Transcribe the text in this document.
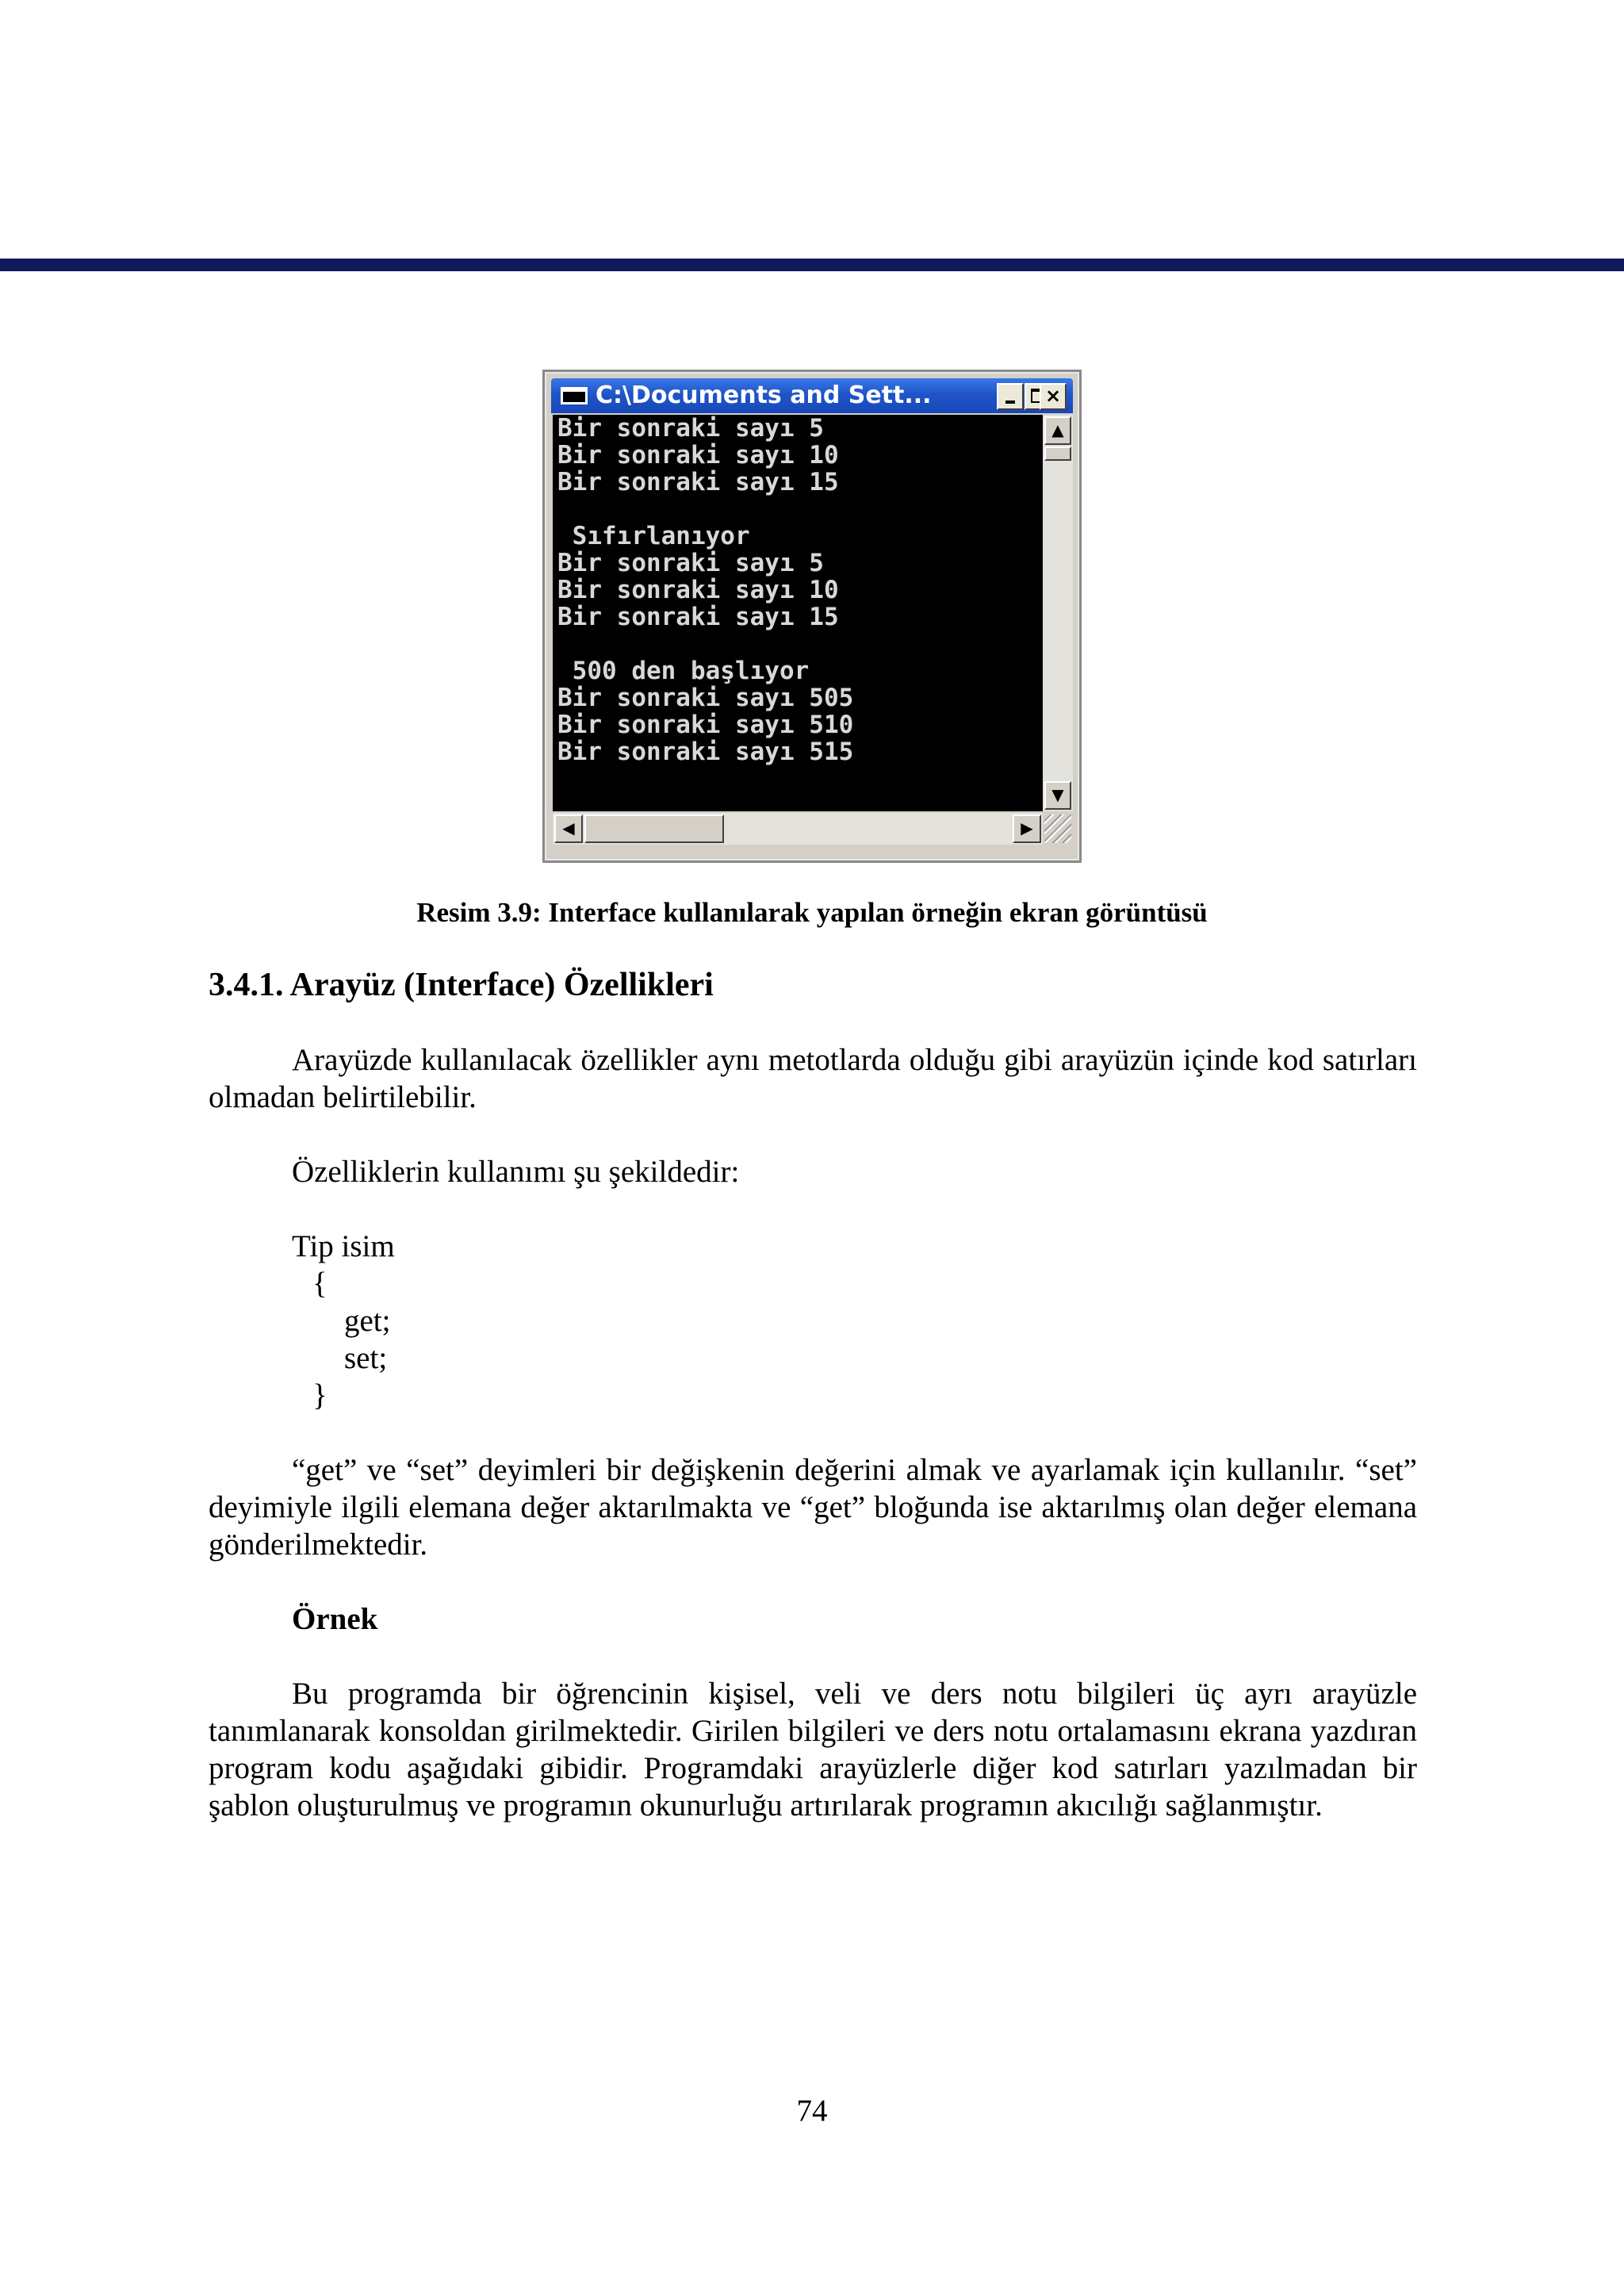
C:\Documents and Sett...	×
Bir sonraki sayı 5
Bir sonraki sayı 10
Bir sonraki sayı 15
Sıfırlanıyor
Bir sonraki sayı 5
Bir sonraki sayı 10
Bir sonraki sayı 15
500 den başlıyor
Bir sonraki sayı 505
Bir sonraki sayı 510
Bir sonraki sayı 515
▲
▼
◀	▶
Resim 3.9: Interface kullanılarak yapılan örneğin ekran görüntüsü
3.4.1. Arayüz (Interface) Özellikleri

Arayüzde kullanılacak özellikler aynı metotlarda olduğu gibi arayüzün içinde kod satırları olmadan belirtilebilir.

Özelliklerin kullanımı şu şekildedir:
Tip isim
{
get;
set;
}

“get” ve “set” deyimleri bir değişkenin değerini almak ve ayarlamak için kullanılır. “set” deyimiyle ilgili elemana değer aktarılmakta ve “get” bloğunda ise aktarılmış olan değer elemana gönderilmektedir.

Örnek

Bu programda bir öğrencinin kişisel, veli ve ders notu bilgileri üç ayrı arayüzle tanımlanarak konsoldan girilmektedir. Girilen bilgileri ve ders notu ortalamasını ekrana yazdıran program kodu aşağıdaki gibidir. Programdaki arayüzlerle diğer kod satırları yazılmadan bir şablon oluşturulmuş ve programın okunurluğu artırılarak programın akıcılığı sağlanmıştır.

74
